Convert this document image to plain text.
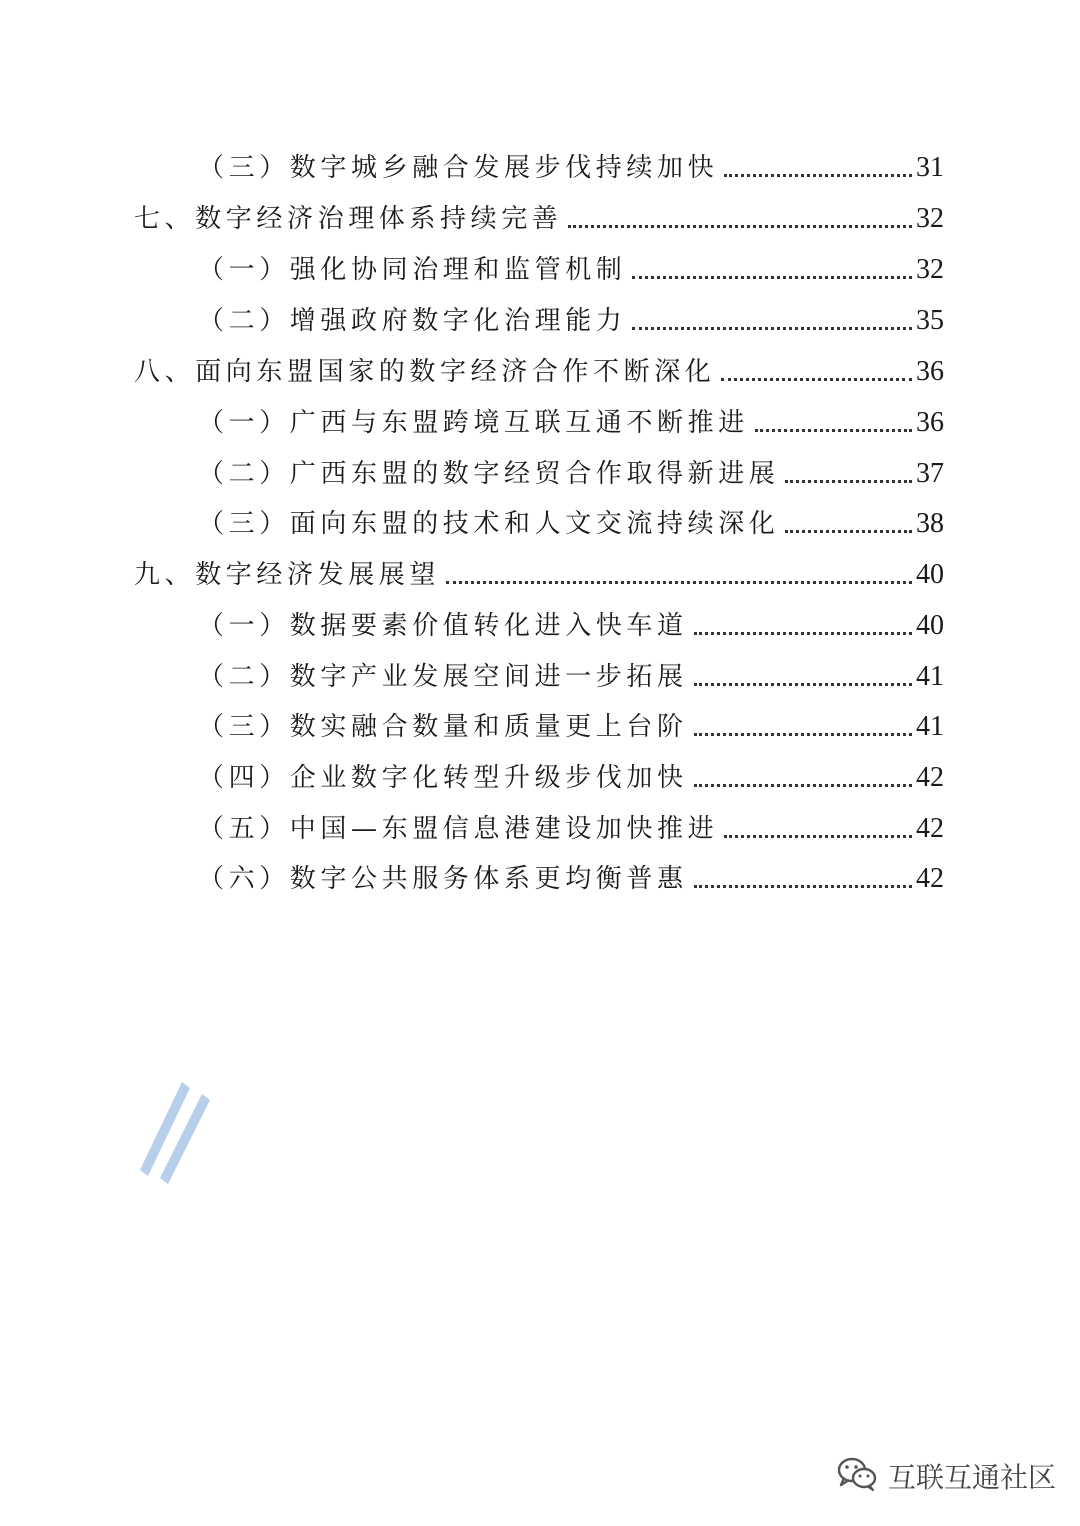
（三）数字城乡融合发展步伐持续加快	31
七、数字经济治理体系持续完善	32
（一）强化协同治理和监管机制	32
（二）增强政府数字化治理能力	35
八、面向东盟国家的数字经济合作不断深化	36
（一）广西与东盟跨境互联互通不断推进	36
（二）广西东盟的数字经贸合作取得新进展	37
（三）面向东盟的技术和人文交流持续深化	38
九、数字经济发展展望	40
（一）数据要素价值转化进入快车道	40
（二）数字产业发展空间进一步拓展	41
（三）数实融合数量和质量更上台阶	41
（四）企业数字化转型升级步伐加快	42
（五）中国—东盟信息港建设加快推进	42
（六）数字公共服务体系更均衡普惠	42
互联互通社区
